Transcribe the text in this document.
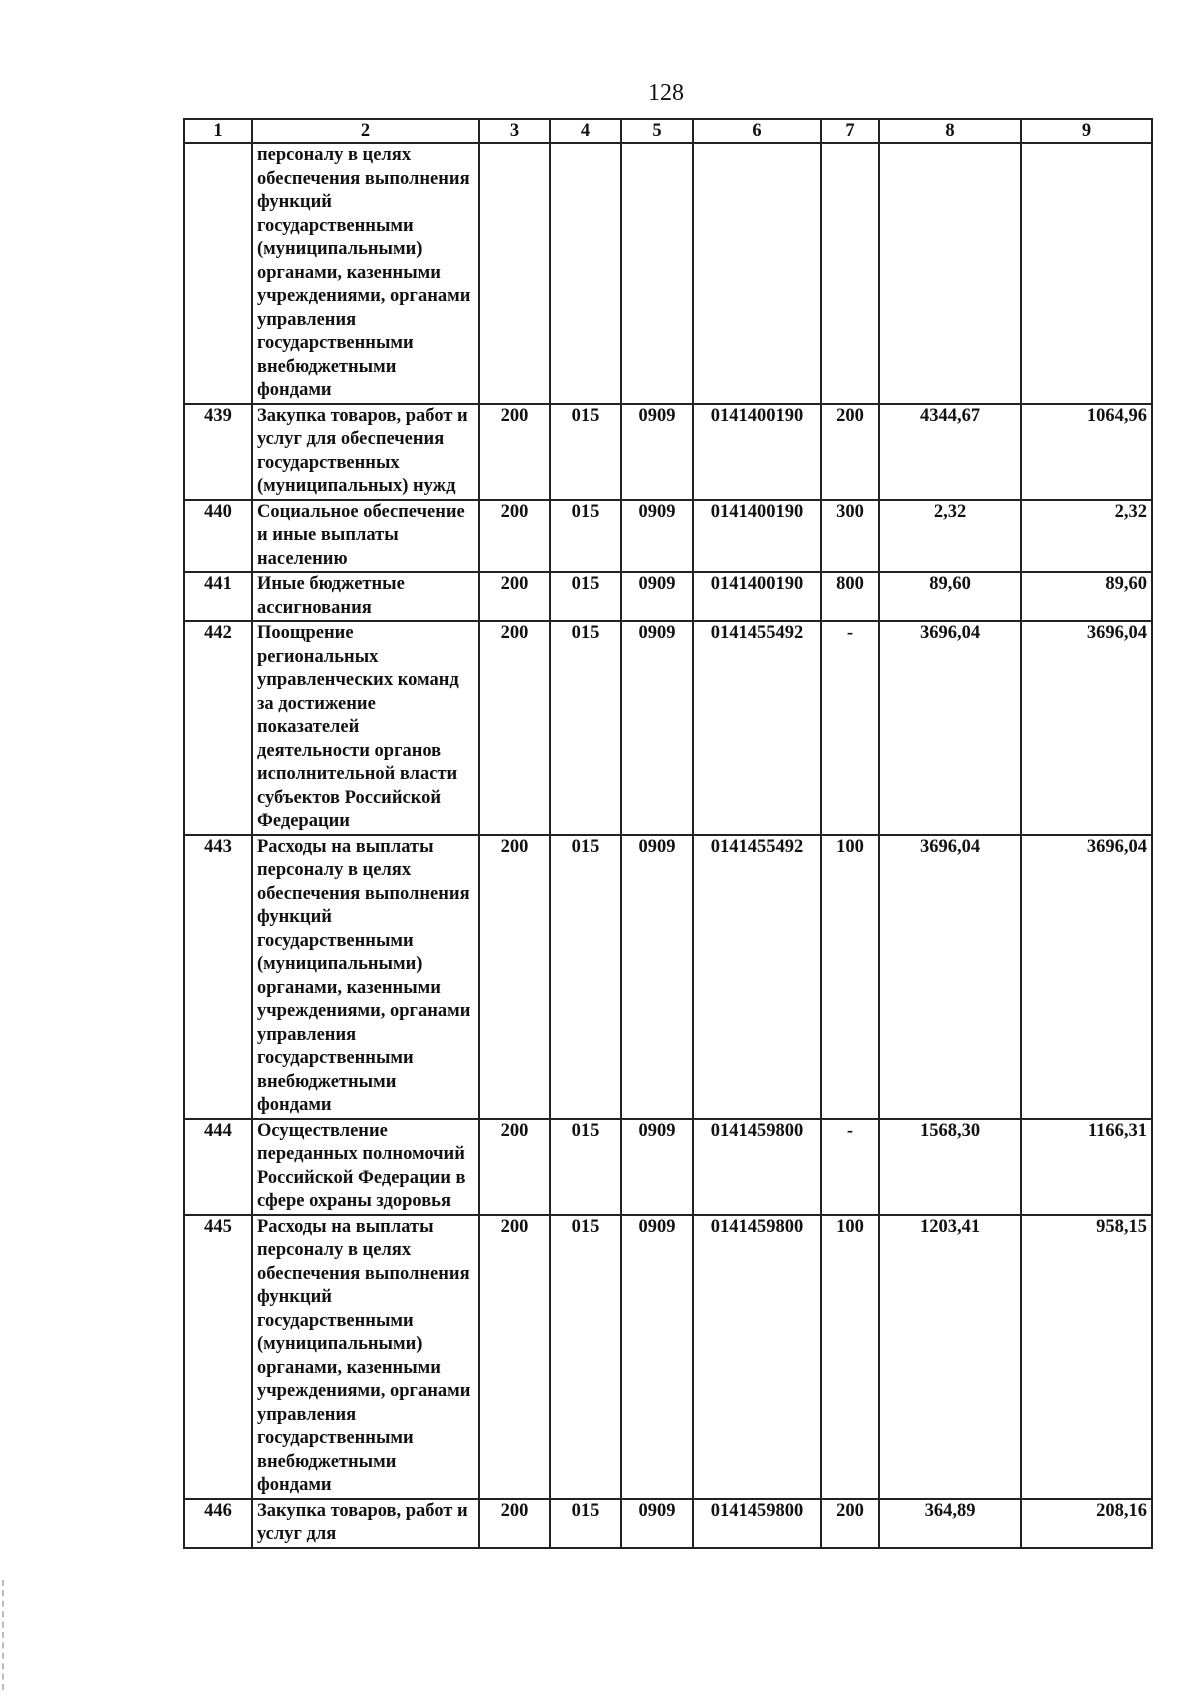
128
1	2	3	4	5	6	7	8	9
	персоналу в целях обеспечения выполнения функций государственными (муниципальными) органами, казенными учреждениями, органами управления государственными внебюджетными фондами							
439	Закупка товаров, работ и услуг для обеспечения государственных (муниципальных) нужд	200	015	0909	0141400190	200	4344,67	1064,96
440	Социальное обеспечение и иные выплаты населению	200	015	0909	0141400190	300	2,32	2,32
441	Иные бюджетные ассигнования	200	015	0909	0141400190	800	89,60	89,60
442	Поощрение региональных управленческих команд за достижение показателей деятельности органов исполнительной власти субъектов Российской Федерации	200	015	0909	0141455492	-	3696,04	3696,04
443	Расходы на выплаты персоналу в целях обеспечения выполнения функций государственными (муниципальными) органами, казенными учреждениями, органами управления государственными внебюджетными фондами	200	015	0909	0141455492	100	3696,04	3696,04
444	Осуществление переданных полномочий Российской Федерации в сфере охраны здоровья	200	015	0909	0141459800	-	1568,30	1166,31
445	Расходы на выплаты персоналу в целях обеспечения выполнения функций государственными (муниципальными) органами, казенными учреждениями, органами управления государственными внебюджетными фондами	200	015	0909	0141459800	100	1203,41	958,15
446	Закупка товаров, работ и услуг для	200	015	0909	0141459800	200	364,89	208,16
